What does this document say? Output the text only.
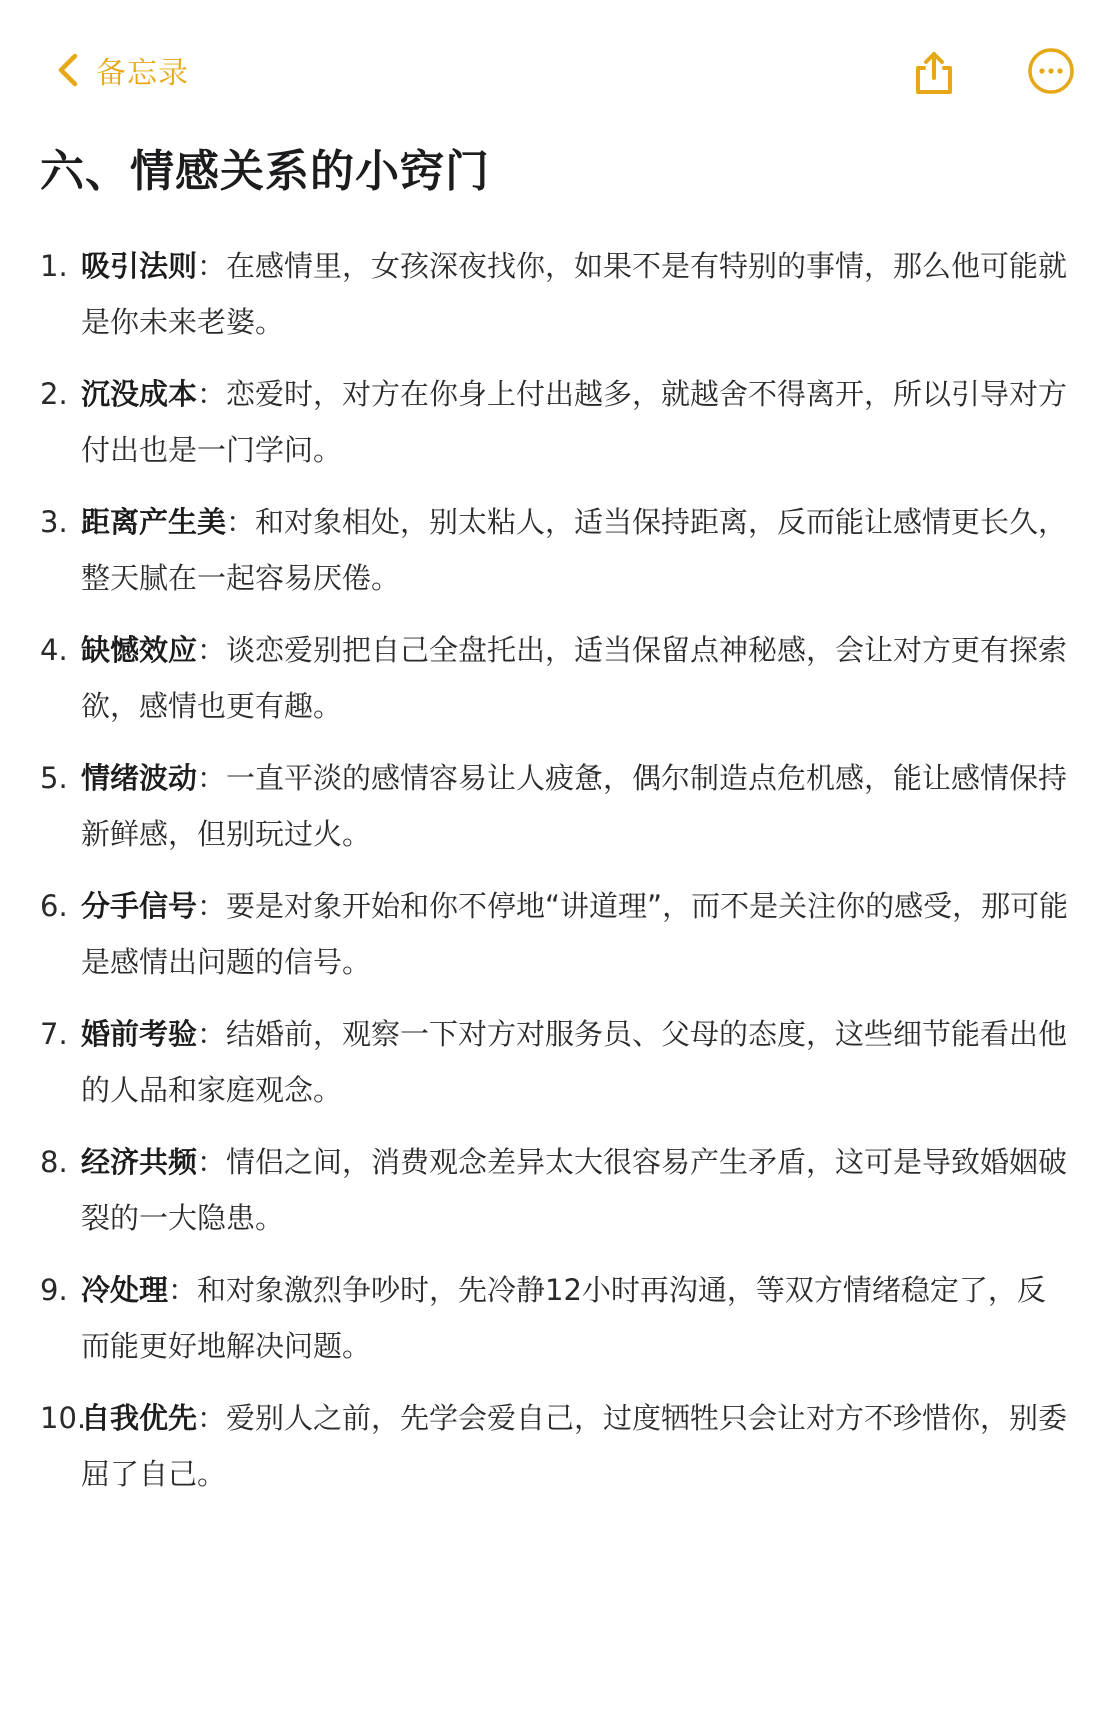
备忘录
六、情感关系的小窍门
1. 吸引法则：在感情里，女孩深夜找你，如果不是有特别的事情，那么他可能就是你未来老婆。
2. 沉没成本：恋爱时，对方在你身上付出越多，就越舍不得离开，所以引导对方付出也是一门学问。
3. 距离产生美：和对象相处，别太粘人，适当保持距离，反而能让感情更长久，整天腻在一起容易厌倦。
4. 缺憾效应：谈恋爱别把自己全盘托出，适当保留点神秘感，会让对方更有探索欲，感情也更有趣。
5. 情绪波动：一直平淡的感情容易让人疲惫，偶尔制造点危机感，能让感情保持新鲜感，但别玩过火。
6. 分手信号：要是对象开始和你不停地“讲道理”，而不是关注你的感受，那可能是感情出问题的信号。
7. 婚前考验：结婚前，观察一下对方对服务员、父母的态度，这些细节能看出他的人品和家庭观念。
8. 经济共频：情侣之间，消费观念差异太大很容易产生矛盾，这可是导致婚姻破裂的一大隐患。
9. 冷处理：和对象激烈争吵时，先冷静12小时再沟通，等双方情绪稳定了，反而能更好地解决问题。
10.
自我优先：爱别人之前，先学会爱自己，过度牺牲只会让对方不珍惜你，别委屈了自己。
